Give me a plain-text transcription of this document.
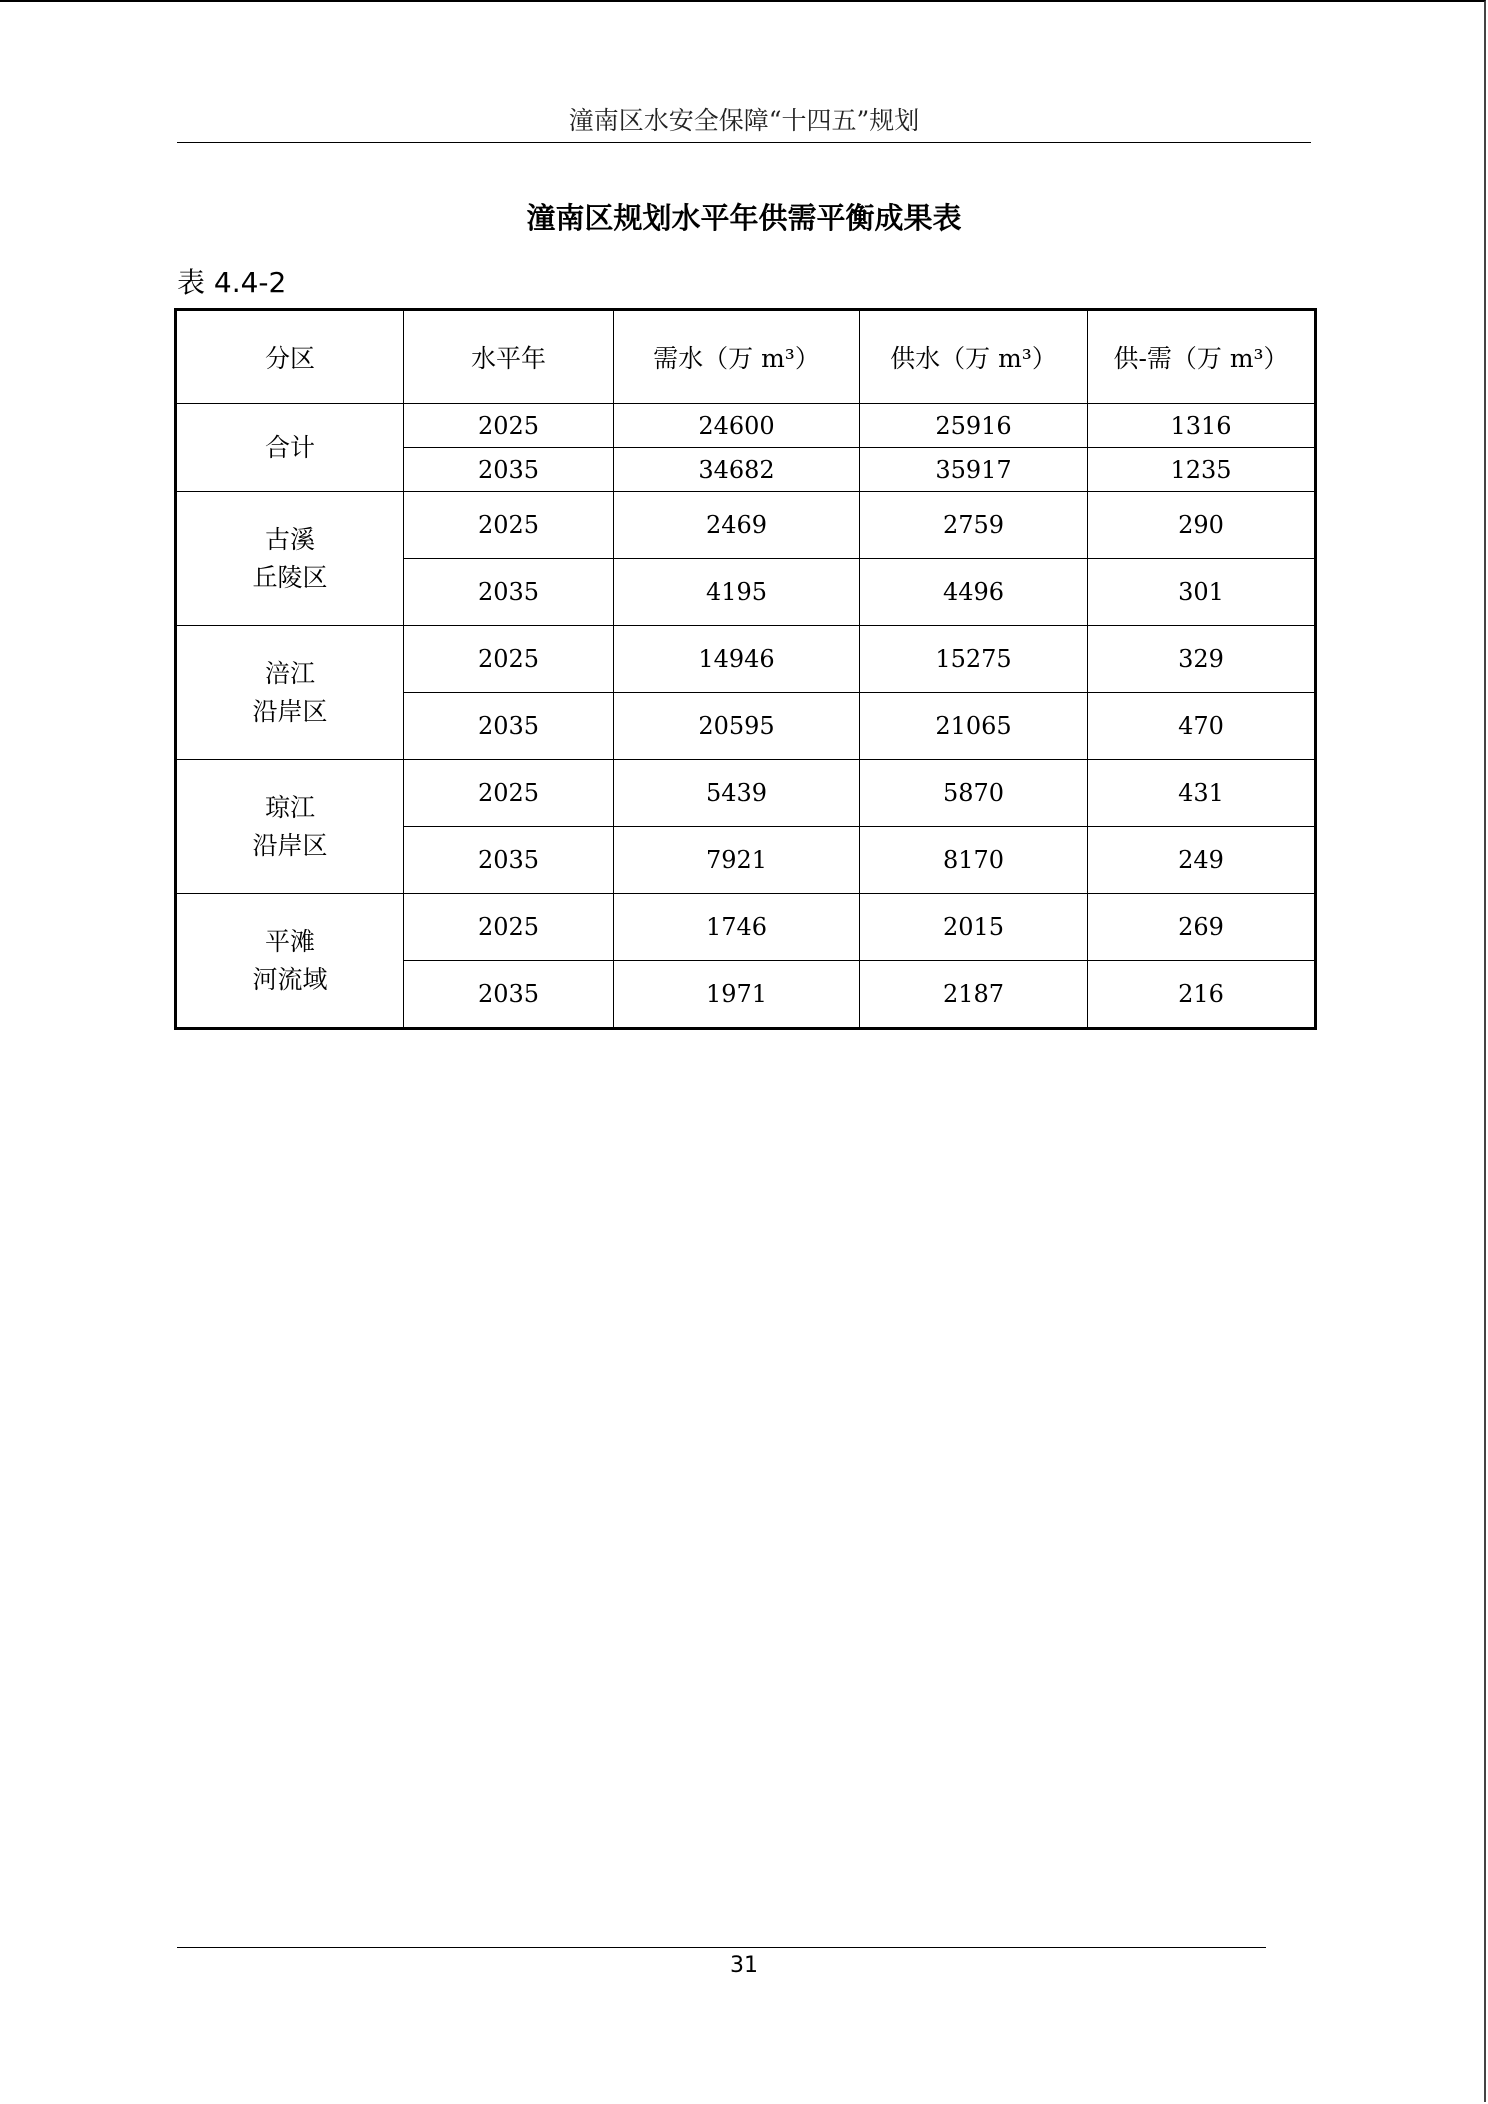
潼南区水安全保障“十四五”规划
潼南区规划水平年供需平衡成果表
表 4.4-2
分区	水平年	需水（万 m³）	供水（万 m³）	供-需（万 m³）

合计	2025	24600	25916	1316
	2035	34682	35917	1235

古溪
丘陵区	2025	2469	2759	290
	2035	4195	4496	301

涪江
沿岸区	2025	14946	15275	329
	2035	20595	21065	470

琼江
沿岸区	2025	5439	5870	431
	2035	7921	8170	249

平滩
河流域	2025	1746	2015	269
	2035	1971	2187	216
31
